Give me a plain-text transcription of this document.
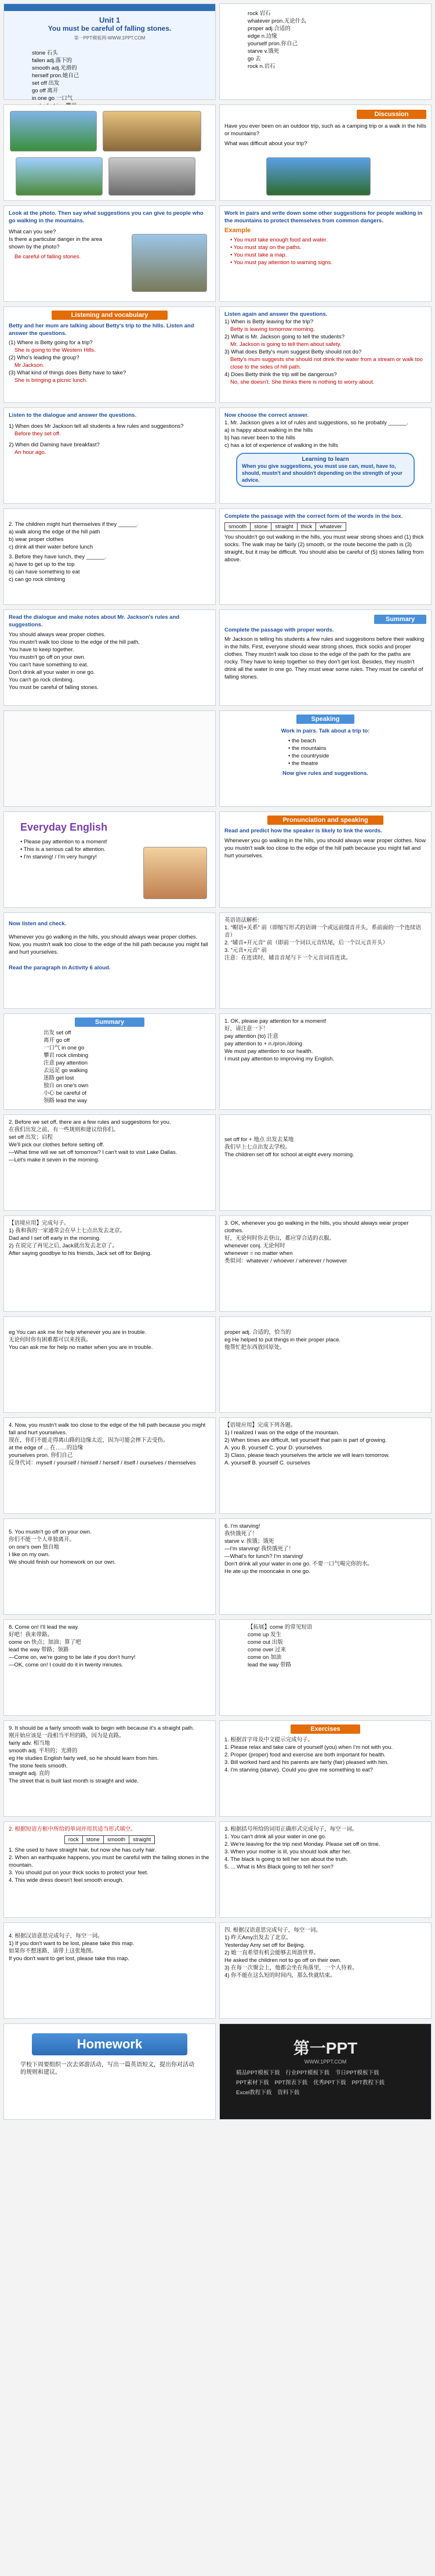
Unit 1
You must be careful of falling stones.
第一PPT模板网-WWW.1PPT.COM
stone 石头
fallen adj.落下的
smooth adj.光滑的
herself pron.她自己
set off 出发
go off 离开
in one go 一口气
rock 岩石
whatever pron.无论什么
proper adj.合适的
edge n.边缘
yourself pron.你自己
starve v.饿死
go 去
rock n.岩石
Discussion
Have you ever been on an outdoor trip, such as a camping trip or a walk in the hills or mountains?
What was difficult about your trip?
Look at the photo. Then say what suggestions you can give to people who go walking in the mountains.
What can you see?
Is there a particular danger in the area shown by the photo?
Be careful of falling stones.
Work in pairs and write down some other suggestions for people walking in the mountains to protect themselves from common dangers.
Example
• You must take enough food and water.
• You must stay on the paths.
• You must take a map.
• You must pay attention to warning signs.
Listening and vocabulary
Betty and her mum are talking about Betty's trip to the hills. Listen and answer the questions.
(1) Where is Betty going for a trip?
She is going to the Western Hills.
(2) Who's leading the group?
Mr Jackson.
(3) What kind of things does Betty have to take?
She is bringing a picnic lunch.
Listen again and answer the questions.
1) When is Betty leaving for the trip?
Betty is leaving tomorrow morning.
2) What is Mr. Jackson going to tell the students?
Mr. Jackson is going to tell them about safety.
3) What does Betty's mum suggest Betty should not do?
Betty's mum suggests she should not drink the water from a stream or walk too close to the sides of hill path.
4) Does Betty think the trip will be dangerous?
No, she doesn't. She thinks there is nothing to worry about.
Listen to the dialogue and answer the questions.
1) When does Mr Jackson tell all students a few rules and suggestions?
Before they set off.
2) When did Daming have breakfast?
An hour ago.
Now choose the correct answer.
1. Mr. Jackson gives a lot of rules and suggestions, so he probably ______.
a) is happy about walking in the hills
b) has never been to the hills
c) has a lot of experience of walking in the hills
Learning to learn
When you give suggestions, you must use can, must, have to, should, mustn't and shouldn't depending on the strength of your advice.
2. The children might hurt themselves if they ______.
a) walk along the edge of the hill path
b) wear proper clothes
c) drink all their water before lunch
3. Before they have lunch, they ______.
a) have to get up to the top
b) can have something to eat
c) can go rock climbing
Complete the passage with the correct form of the words in the box.
smooth	stone	straight	thick	whatever
You shouldn't go out walking in the hills, you must wear strong shoes and (1) thick socks. The walk may be fairly (2) smooth, or the route become the path is (3) straight, but it may be difficult. You should also be careful of (5) stones falling from above.
Read the dialogue and make notes about Mr. Jackson's rules and suggestions.
You should always wear proper clothes.
You mustn't walk too close to the edge of the hill path.
You have to keep together.
You mustn't go off on your own.
You can't have something to eat.
Don't drink all your water in one go.
You can't go rock climbing.
You must be careful of falling stones.
Summary
Complete the passage with proper words.
Mr Jackson is telling his students a few rules and suggestions before their walking in the hills. First, everyone should wear strong shoes, thick socks and proper clothes. They mustn't walk too close to the edge of the path for the paths are rocky. They have to keep together so they don't get lost. Besides, they mustn't drink all the water in one go. They must wear some rules. They must be careful of falling stones.
Speaking
Work in pairs. Talk about a trip to:
• the beach
• the mountains
• the countryside
• the theatre
Now give rules and suggestions.
Everyday English
• Please pay attention to a moment!
• This is a serious call for attention.
• I'm starving! / I'm very hungry!
Pronunciation and speaking
Read and predict how the speaker is likely to link the words.
Whenever you go walking in the hills, you should always wear proper clothes. Now you mustn't walk too close to the edge of the hill path because you might fall and hurt yourselves.
Now listen and check.
Whenever you go walking in the hills, you should always wear proper clothes. Now, you mustn't walk too close to the edge of the hill path because you might fall and hurt yourselves.
Read the paragraph in Activity 6 aloud.
英语语法解析:
1. "帽语+关系" 前（即缩写形式的语调一个或远前缀音开头，系前面的一个连续语音）
2. "辅音+开元音" 前（即前一个词以元音结尾，后一个以元音开头）
3. "元音+元音" 前
注意：在连读时，辅音音尾与下一个元音词首连读。
Summary
出发 set off
离开 go off
一口气 in one go
攀岩 rock climbing
注意 pay attention
去远足 go walking
迷路 get lost
独自 on one's own
小心 be careful of
领路 lead the way
1. OK, please pay attention for a moment!
好，请注意一下！
pay attention (to) 注意
pay attention to + n./pron./doing
We must pay attention to our health.
I must pay attention to improving my English.
2. Before we set off, there are a few rules and suggestions for you.
在我们出发之前，有一些规则和建议给你们。
set off 出发；启程
We'll pick our clothes before setting off.
—What time will we set off tomorrow? I can't wait to visit Lake Dallas.
—Let's make it seven in the morning.
set off for + 地点 出发去某地
我们早上七点出发去学校。
The children set off for school at eight every morning.
【语境应用】完成句子。
1) 我和我的一家通常会在早上七点出发去北京。
Dad and I set off early in the morning.
2) 在说完了再见之后, Jack就出发去北京了。
After saying goodbye to his friends, Jack set off for Beijing.
3. OK, whenever you go walking in the hills, you should always wear proper clothes.
好，无论何时你去登山，都应穿合适的衣服。
whenever conj. 无论何时
whenever = no matter when
类似词：whatever / whoever / wherever / however
eg You can ask me for help whenever you are in trouble.
无论何时你有困难都可以来找我。
You can ask me for help no matter when you are in trouble.
proper adj. 合适的，恰当的
eg He helped to put things in their proper place.
他帮忙把东西放回原处。
4. Now, you mustn't walk too close to the edge of the hill path because you might fall and hurt yourselves.
现在，你们不能走得离山路的边缘太近，因为可能会摔下去受伤。
at the edge of ... 在……的边缘
yourselves pron. 你们自己
反身代词：myself / yourself / himself / herself / itself / ourselves / themselves
【语境应用】完成下列各题。
1) I realized I was on the edge of the mountain.
2) When times are difficult, tell yourself that pain is part of growing.
A. you B. yourself C. your D. yourselves
3) Class, please teach yourselves the article we will learn tomorrow.
A. yourself B. yourself C. ourselves
5. You mustn't go off on your own.
你们不能一个人单独离开。
on one's own 独自地
I like on my own.
We should finish our homework on our own.
6. I'm starving!
我快饿死了！
starve v. 挨饿；饿死
—I'm starving! 我快饿死了！
—What's for lunch? I'm starving!
Don't drink all your water in one go. 不要一口气喝完你的水。
He ate up the mooncake in one go.
8. Come on! I'll lead the way.
好吧！我来带路。
come on 快点；加油；算了吧
lead the way 带路；领路
—Come on, we're going to be late if you don't hurry!
—OK, come on! I could do it in twenty minutes.
【拓展】come 的常见短语
come up 发生
come out 出版
come over 过来
come on 加油
lead the way 带路
9. It should be a fairly smooth walk to begin with because it's a straight path.
刚开始应该是一段相当平坦的路，因为是直路。
fairly adv. 相当地
smooth adj. 平坦的；光滑的
eg He studies English fairly well, so he should learn from him.
The stone feels smooth.
straight adj. 直的
The street that is built last month is straight and wide.
Exercises
1. 根据首字母及中文提示完成句子。
1. Please relax and take care of yourself (you) when I'm not with you.
2. Proper (proper) food and exercise are both important for health.
3. Bill worked hard and his parents are fairly (fair) pleased with him.
4. I'm starving (starve). Could you give me something to eat?
2. 根据短语方框中所给的单词并用其适当形式填空。
rock	stone	smooth	straight
1. She used to have straight hair, but now she has curly hair.
2. When an earthquake happens, you must be careful with the falling stones in the mountain.
3. You should put on your thick socks to protect your feet.
4. This wide dress doesn't feel smooth enough.
3. 根据括号所给的词用正确形式完成句子，每空一词。
1. You can't drink all your water in one go.
2. We're leaving for the trip next Monday. Please set off on time.
3. When your mother is ill, you should look after her.
4. The black is going to tell her son about the truth.
5. ... What is Mrs Black going to tell her son?
4. 根据汉语意思完成句子，每空一词。
1) If you don't want to be lost, please take this map.
如果你不想迷路，请带上这张地图。
If you don't want to get lost, please take this map.
四. 根据汉语意思完成句子，每空一词。
1) 昨天Amy出发去了北京。
Yesterday Amy set off for Beijing.
2) 她一直希望有机会能够去周游世界。
He asked the children not to go off on their own.
3) 在每一次聚会上，他都会坐在角落里，一个人待着。
4) 你不能在这么短的时间内，那么快就结束。
Homework
学校下周要组织一次去郊游活动，写出一篇英语短文，提出你对活动的规则和建议。
第一PPT
WWW.1PPT.COM
精品PPT模板下载 行业PPT模板下载 节日PPT模板下载
PPT素材下载 PPT图表下载 优秀PPT下载 PPT教程下载
Excel教程下载 资料下载
